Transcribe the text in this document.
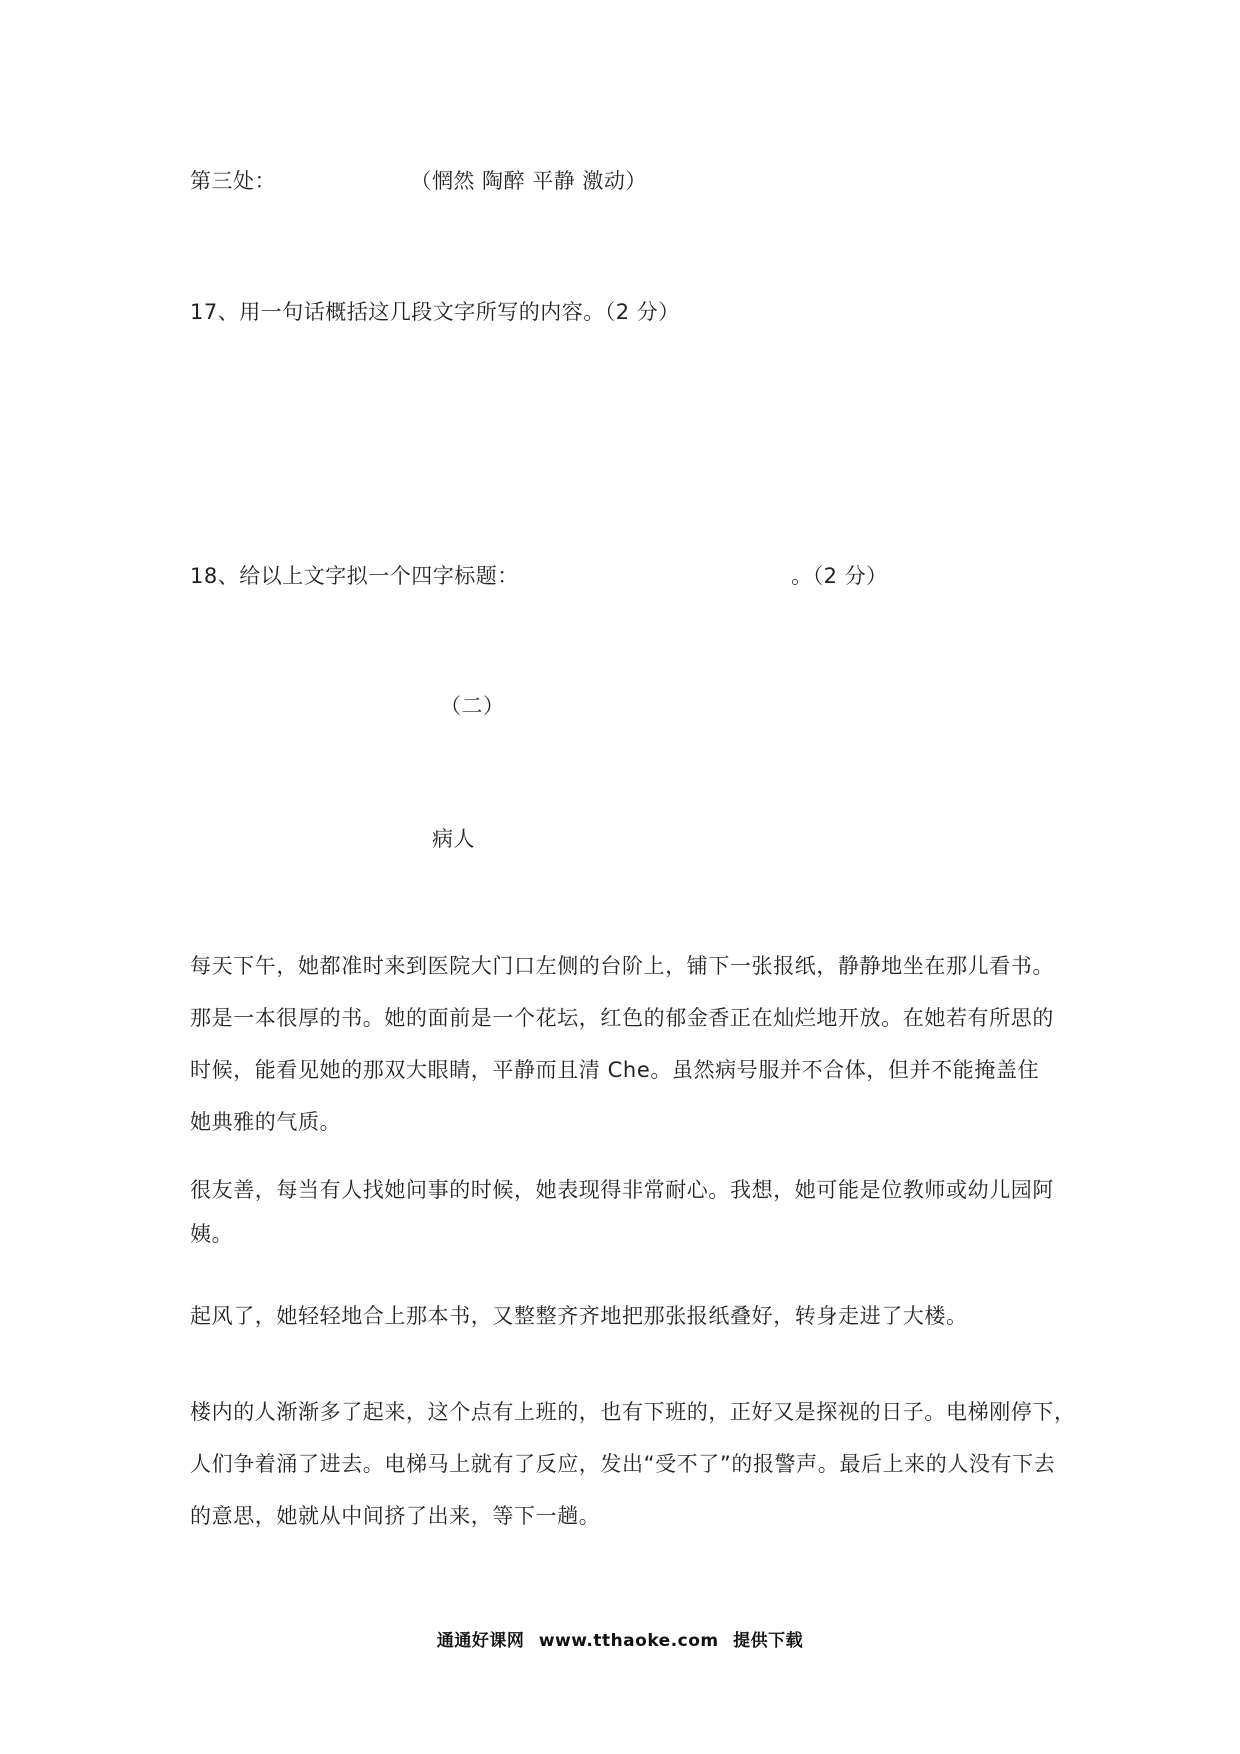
第三处：	（惘然 陶醉 平静 激动）
17、用一句话概括这几段文字所写的内容。（2 分）
18、给以上文字拟一个四字标题：	。（2 分）
（二）
病人

每天下午，她都准时来到医院大门口左侧的台阶上，铺下一张报纸，静静地坐在那儿看书。

那是一本很厚的书。她的面前是一个花坛，红色的郁金香正在灿烂地开放。在她若有所思的

时候，能看见她的那双大眼睛，平静而且清 Che。虽然病号服并不合体，但并不能掩盖住

她典雅的气质。

很友善，每当有人找她问事的时候，她表现得非常耐心。我想，她可能是位教师或幼儿园阿

姨。

起风了，她轻轻地合上那本书，又整整齐齐地把那张报纸叠好，转身走进了大楼。

楼内的人渐渐多了起来，这个点有上班的，也有下班的，正好又是探视的日子。电梯刚停下，

人们争着涌了进去。电梯马上就有了反应，发出“受不了”的报警声。最后上来的人没有下去

的意思，她就从中间挤了出来，等下一趟。

通通好课网 www.tthaoke.com 提供下载
